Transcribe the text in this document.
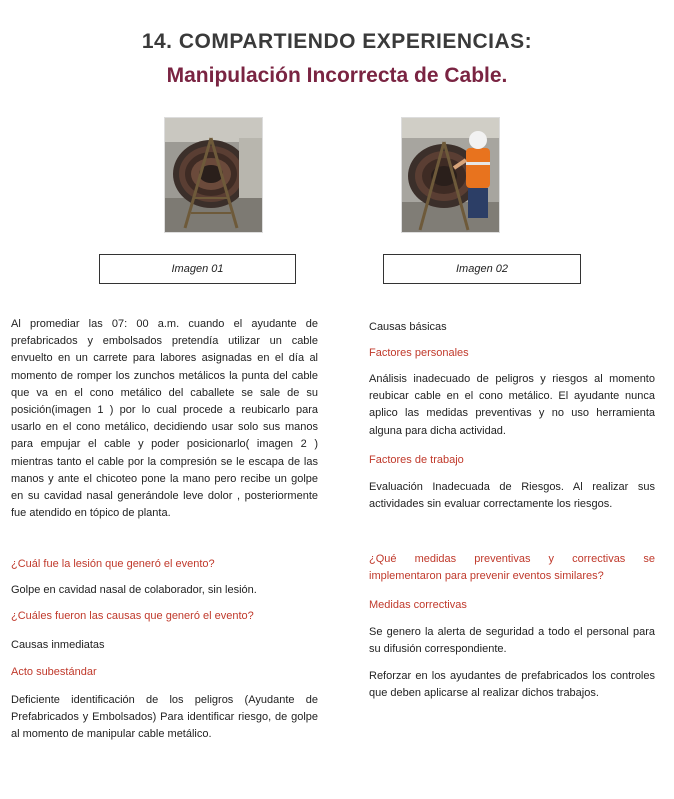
14. COMPARTIENDO EXPERIENCIAS:
Manipulación Incorrecta de Cable.
Imagen 01	Imagen 02
Al promediar las 07: 00 a.m. cuando el ayudante de prefabricados y embolsados pretendía utilizar un cable envuelto en un carrete para labores asignadas en el día al momento de romper los zunchos metálicos la punta del cable que va en el cono metálico del caballete se sale de su posición(imagen 1 ) por lo cual procede a reubicarlo para usarlo en el cono metálico, decidiendo usar solo sus manos para empujar el cable y poder posicionarlo( imagen 2 ) mientras tanto el cable por la compresión se le escapa de las manos y ante el chicoteo pone la mano pero recibe un golpe en su cavidad nasal generándole leve dolor , posteriormente fue atendido en tópico de planta.
¿Cuál fue la lesión que generó el evento?
Golpe en cavidad nasal de colaborador, sin lesión.
¿Cuáles fueron las causas que generó el evento?
Causas inmediatas
Acto subestándar
Deficiente identificación de los peligros (Ayudante de Prefabricados y Embolsados) Para identificar riesgo, de golpe al momento de manipular cable metálico.
Causas básicas
Factores personales
Análisis inadecuado de peligros y riesgos al momento reubicar cable en el cono metálico. El ayudante nunca aplico las medidas preventivas y no uso herramienta alguna para dicha actividad.
Factores de trabajo
Evaluación Inadecuada de Riesgos. Al realizar sus actividades sin evaluar correctamente los riesgos.
¿Qué medidas preventivas y correctivas se implementaron para prevenir eventos similares?
Medidas correctivas
Se genero la alerta de seguridad a todo el personal para su difusión correspondiente.
Reforzar en los ayudantes de prefabricados los controles que deben aplicarse al realizar dichos trabajos.
